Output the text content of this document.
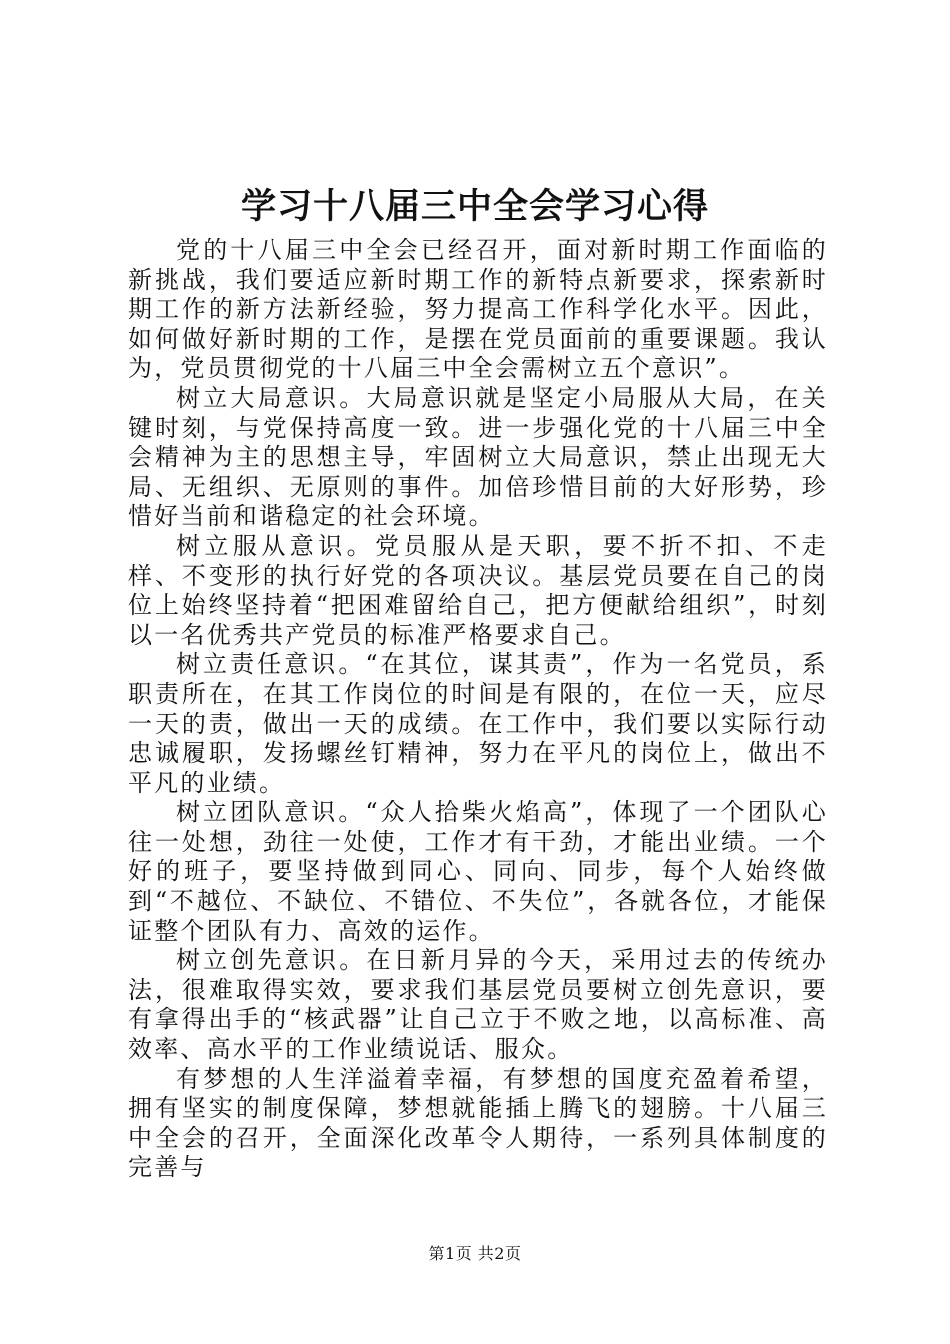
学习十八届三中全会学习心得

党的十八届三中全会已经召开，面对新时期工作面临的新挑战，我们要适应新时期工作的新特点新要求，探索新时期工作的新方法新经验，努力提高工作科学化水平。因此，如何做好新时期的工作，是摆在党员面前的重要课题。我认为，党员贯彻党的十八届三中全会需树立五个意识”。

树立大局意识。大局意识就是坚定小局服从大局，在关键时刻，与党保持高度一致。进一步强化党的十八届三中全会精神为主的思想主导，牢固树立大局意识，禁止出现无大局、无组织、无原则的事件。加倍珍惜目前的大好形势，珍惜好当前和谐稳定的社会环境。

树立服从意识。党员服从是天职，要不折不扣、不走样、不变形的执行好党的各项决议。基层党员要在自己的岗位上始终坚持着“把困难留给自己，把方便献给组织”，时刻以一名优秀共产党员的标准严格要求自己。

树立责任意识。“在其位，谋其责”，作为一名党员，系职责所在，在其工作岗位的时间是有限的，在位一天，应尽一天的责，做出一天的成绩。在工作中，我们要以实际行动忠诚履职，发扬螺丝钉精神，努力在平凡的岗位上，做出不平凡的业绩。

树立团队意识。“众人拾柴火焰高”，体现了一个团队心往一处想，劲往一处使，工作才有干劲，才能出业绩。一个好的班子，要坚持做到同心、同向、同步，每个人始终做到“不越位、不缺位、不错位、不失位”，各就各位，才能保证整个团队有力、高效的运作。

树立创先意识。在日新月异的今天，采用过去的传统办法，很难取得实效，要求我们基层党员要树立创先意识，要有拿得出手的“核武器”让自己立于不败之地，以高标准、高效率、高水平的工作业绩说话、服众。

有梦想的人生洋溢着幸福，有梦想的国度充盈着希望，拥有坚实的制度保障，梦想就能插上腾飞的翅膀。十八届三中全会的召开，全面深化改革令人期待，一系列具体制度的完善与

第1页 共2页
